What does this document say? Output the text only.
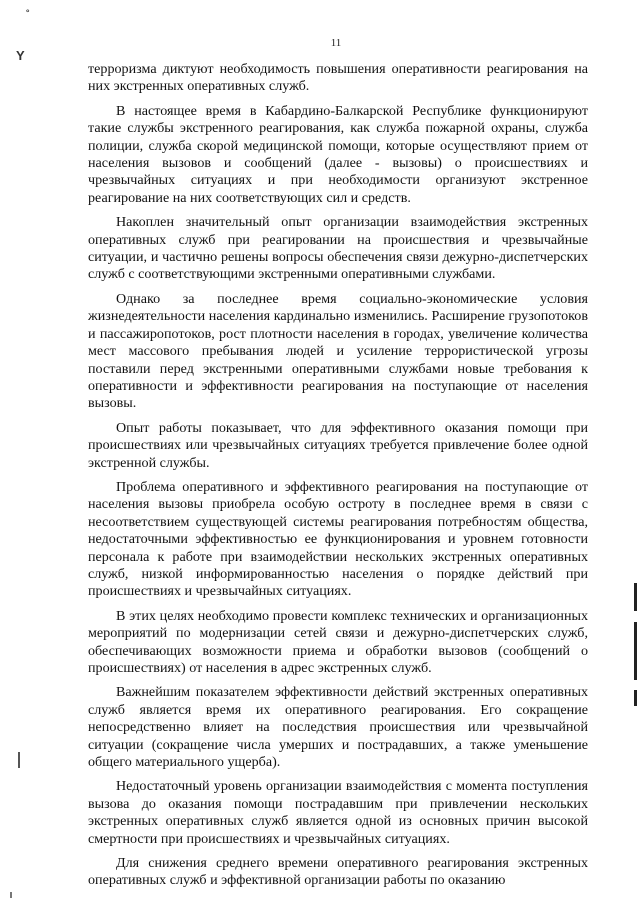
˚
Y
11

терроризма диктуют необходимость повышения оперативности реагирования на них экстренных оперативных служб.

В настоящее время в Кабардино-Балкарской Республике функционируют такие службы экстренного реагирования, как служба пожарной охраны, служба полиции, служба скорой медицинской помощи, которые осуществляют прием от населения вызовов и сообщений (далее - вызовы) о происшествиях и чрезвычайных ситуациях и при необходимости организуют экстренное реагирование на них соответствующих сил и средств.

Накоплен значительный опыт организации взаимодействия экстренных оперативных служб при реагировании на происшествия и чрезвычайные ситуации, и частично решены вопросы обеспечения связи дежурно-диспетчерских служб с соответствующими экстренными оперативными службами.

Однако за последнее время социально-экономические условия жизнедеятельности населения кардинально изменились. Расширение грузопотоков и пассажиропотоков, рост плотности населения в городах, увеличение количества мест массового пребывания людей и усиление террористической угрозы поставили перед экстренными оперативными службами новые требования к оперативности и эффективности реагирования на поступающие от населения вызовы.

Опыт работы показывает, что для эффективного оказания помощи при происшествиях или чрезвычайных ситуациях требуется привлечение более одной экстренной службы.

Проблема оперативного и эффективного реагирования на поступающие от населения вызовы приобрела особую остроту в последнее время в связи с несоответствием существующей системы реагирования потребностям общества, недостаточными эффективностью ее функционирования и уровнем готовности персонала к работе при взаимодействии нескольких экстренных оперативных служб, низкой информированностью населения о порядке действий при происшествиях и чрезвычайных ситуациях.

В этих целях необходимо провести комплекс технических и организационных мероприятий по модернизации сетей связи и дежурно-диспетчерских служб, обеспечивающих возможности приема и обработки вызовов (сообщений о происшествиях) от населения в адрес экстренных служб.

Важнейшим показателем эффективности действий экстренных оперативных служб является время их оперативного реагирования. Его сокращение непосредственно влияет на последствия происшествия или чрезвычайной ситуации (сокращение числа умерших и пострадавших, а также уменьшение общего материального ущерба).

Недостаточный уровень организации взаимодействия с момента поступления вызова до оказания помощи пострадавшим при привлечении нескольких экстренных оперативных служб является одной из основных причин высокой смертности при происшествиях и чрезвычайных ситуациях.

Для снижения среднего времени оперативного реагирования экстренных оперативных служб и эффективной организации работы по оказанию
